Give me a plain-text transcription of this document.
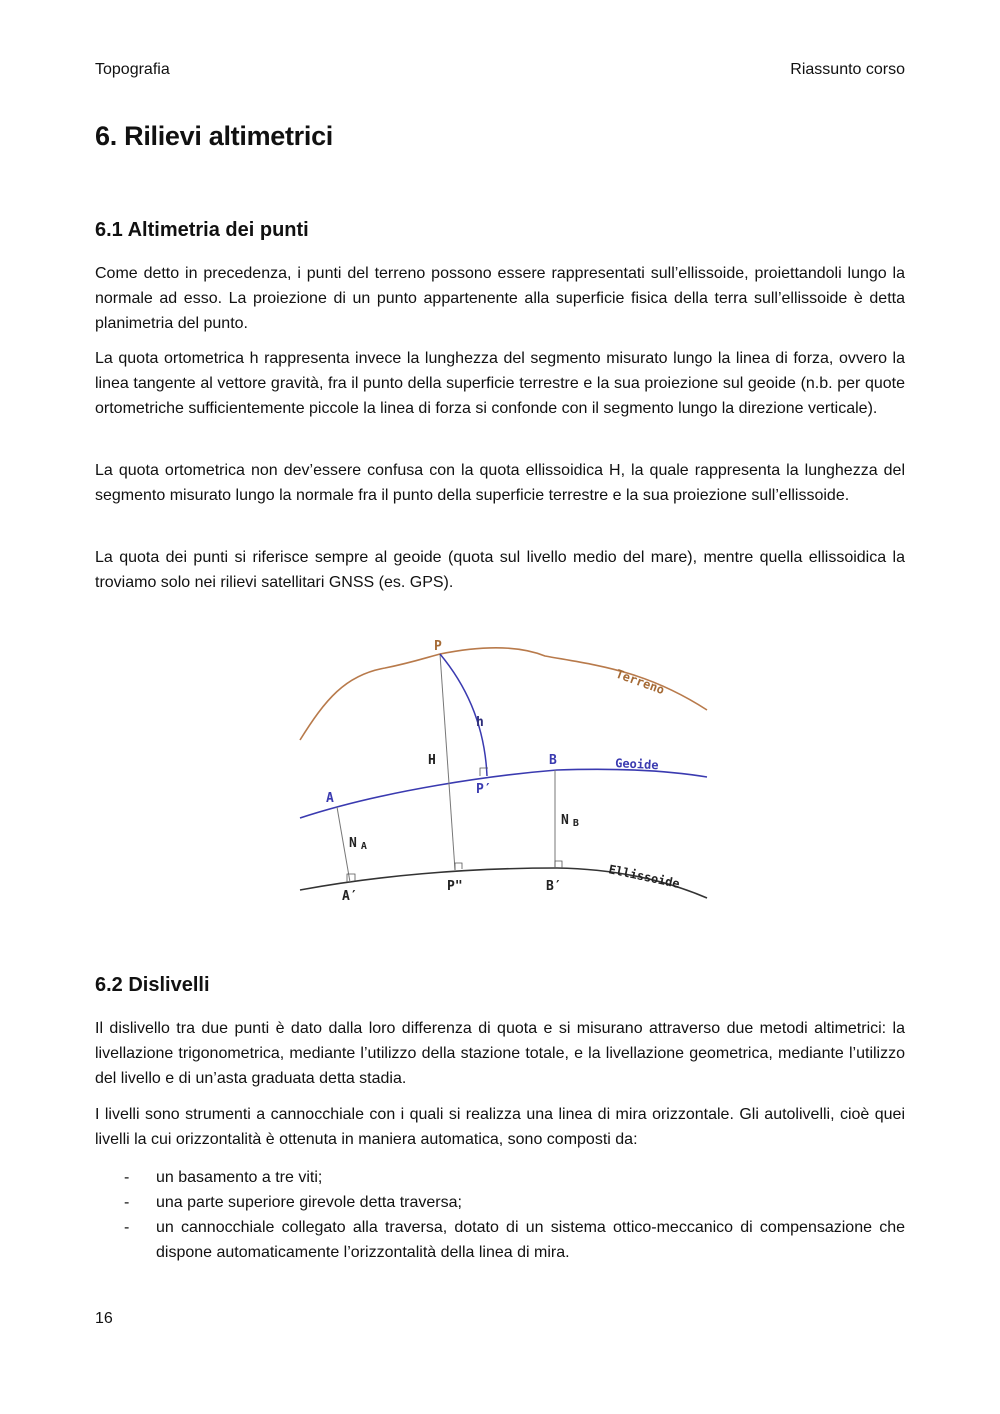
Topografia	Riassunto corso
6. Rilievi altimetrici
6.1 Altimetria dei punti

Come detto in precedenza, i punti del terreno possono essere rappresentati sull’ellissoide, proiettandoli lungo la normale ad esso. La proiezione di un punto appartenente alla superficie fisica della terra sull’ellissoide è detta planimetria del punto.

La quota ortometrica h rappresenta invece la lunghezza del segmento misurato lungo la linea di forza, ovvero la linea tangente al vettore gravità, fra il punto della superficie terrestre e la sua proiezione sul geoide (n.b. per quote ortometriche sufficientemente piccole la linea di forza si confonde con il segmento lungo la direzione verticale).

La quota ortometrica non dev’essere confusa con la quota ellissoidica H, la quale rappresenta la lunghezza del segmento misurato lungo la normale fra il punto della superficie terrestre e la sua proiezione sull’ellissoide.

La quota dei punti si riferisce sempre al geoide (quota sul livello medio del mare), mentre quella ellissoidica la troviamo solo nei rilievi satellitari GNSS (es. GPS).

P
Terreno
h
H	B	Geoide
P′
A
N A
N B
Ellissoide
A′
P"	B′
6.2 Dislivelli

Il dislivello tra due punti è dato dalla loro differenza di quota e si misurano attraverso due metodi altimetrici: la livellazione trigonometrica, mediante l’utilizzo della stazione totale, e la livellazione geometrica, mediante l’utilizzo del livello e di un’asta graduata detta stadia.

I livelli sono strumenti a cannocchiale con i quali si realizza una linea di mira orizzontale. Gli autolivelli, cioè quei livelli la cui orizzontalità è ottenuta in maniera automatica, sono composti da:

- un basamento a tre viti;
- una parte superiore girevole detta traversa;
- un cannocchiale collegato alla traversa, dotato di un sistema ottico-meccanico di compensazione che dispone automaticamente l’orizzontalità della linea di mira.
16
